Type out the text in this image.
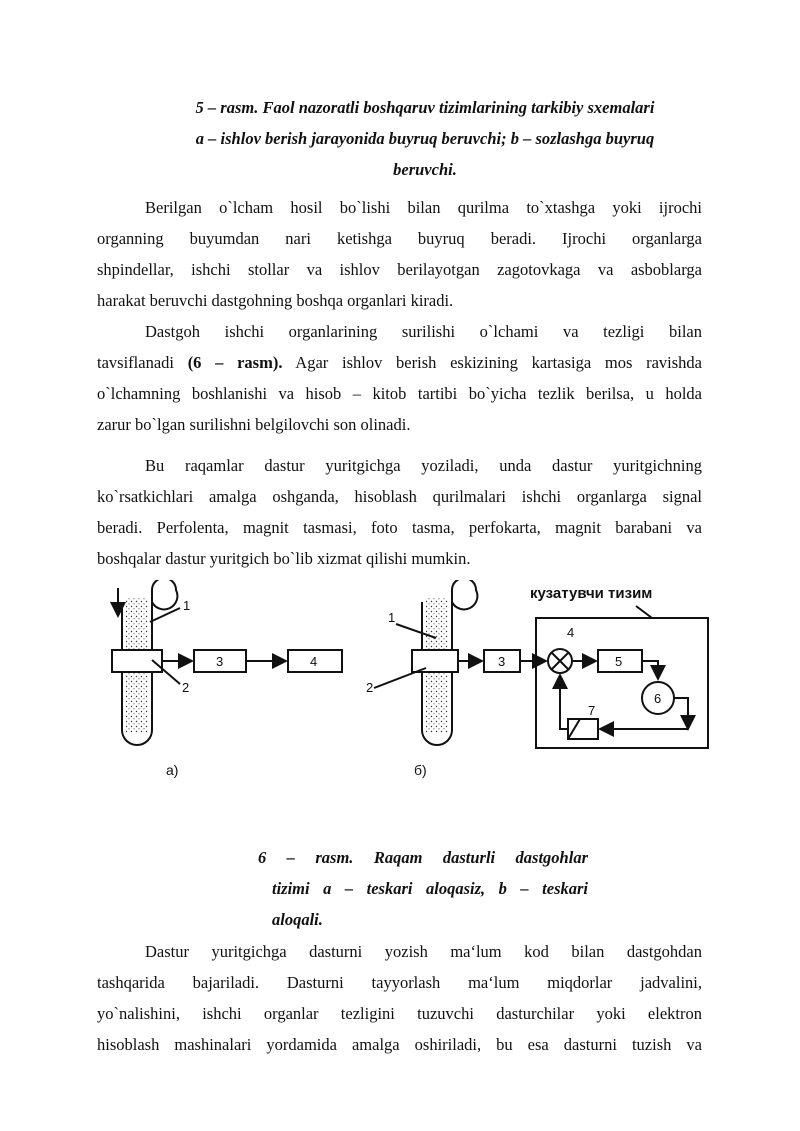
5 – rasm. Faol nazoratli boshqaruv tizimlarining tarkibiy sxemalari
a – ishlov berish jarayonida buyruq beruvchi; b – sozlashga buyruq
beruvchi.
Berilgan o`lcham hosil bo`lishi bilan qurilma to`xtashga yoki ijrochi
organning buyumdan nari ketishga buyruq beradi. Ijrochi organlarga
shpindellar, ishchi stollar va ishlov berilayotgan zagotovkaga va asboblarga
harakat beruvchi dastgohning boshqa organlari kiradi.
Dastgoh ishchi organlarining surilishi o`lchami va tezligi bilan
tavsiflanadi (6 – rasm). Agar ishlov berish eskizining kartasiga mos ravishda
o`lchamning boshlanishi va hisob – kitob tartibi bo`yicha tezlik berilsa, u holda
zarur bo`lgan surilishni belgilovchi son olinadi.
Bu raqamlar dastur yuritgichga yoziladi, unda dastur yuritgichning
ko`rsatkichlari amalga oshganda, hisoblash qurilmalari ishchi organlarga signal
beradi. Perfolenta, magnit tasmasi, foto tasma, perfokarta, magnit barabani va
boshqalar dastur yuritgich bo`lib xizmat qilishi mumkin.
1
2
3	4
1
2
3
4
5
6
7
кузатувчи тизим
а)	б)
6 – rasm. Raqam dasturli dastgohlar
tizimi a – teskari aloqasiz, b – teskari
aloqali.
Dastur yuritgichga dasturni yozish ma‘lum kod bilan dastgohdan
tashqarida bajariladi. Dasturni tayyorlash ma‘lum miqdorlar jadvalini,
yo`nalishini, ishchi organlar tezligini tuzuvchi dasturchilar yoki elektron
hisoblash mashinalari yordamida amalga oshiriladi, bu esa dasturni tuzish va
